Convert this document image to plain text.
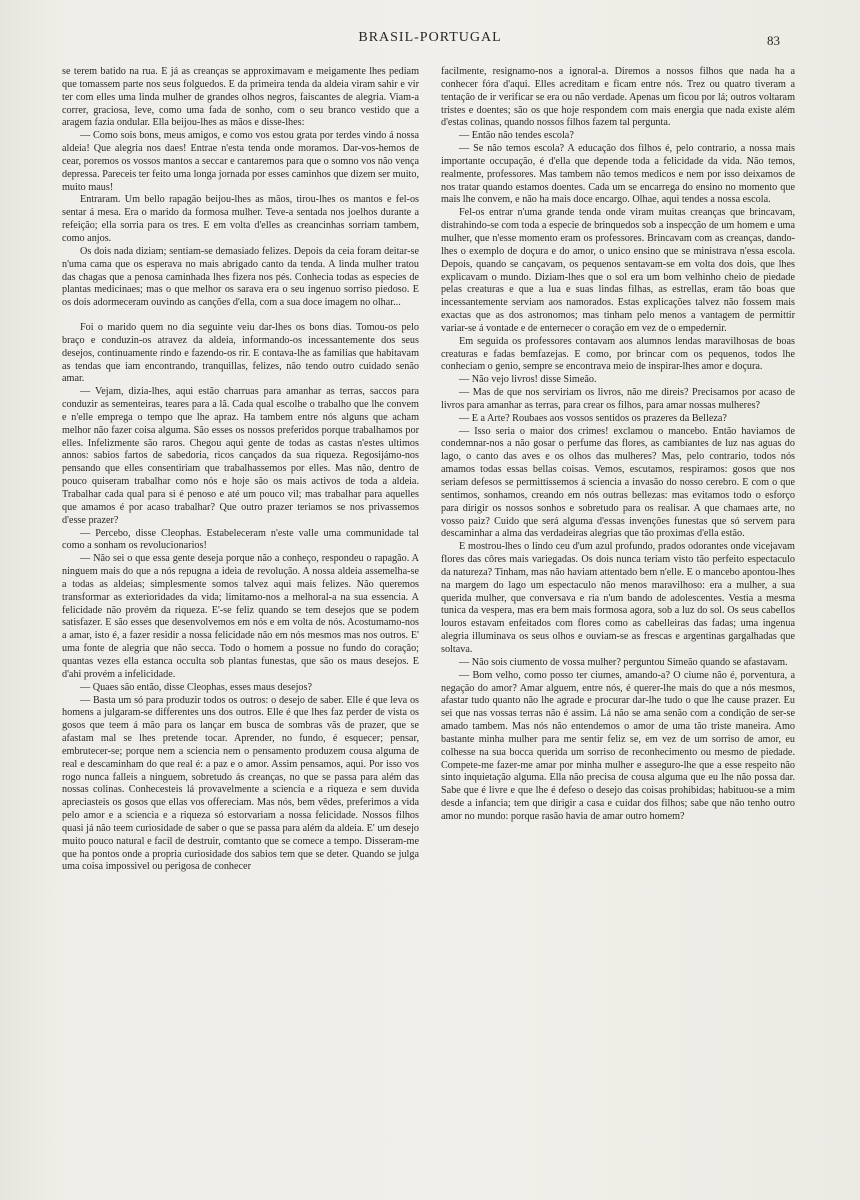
BRASIL-PORTUGAL	83

se terem batido na rua. E já as creanças se approximavam e meigamente lhes pediam que tomassem parte nos seus folguedos. E da primeira tenda da aldeia viram sahir e vir ter com elles uma linda mulher de grandes olhos negros, faiscantes de alegria. Viam-a correr, graciosa, leve, como uma fada de sonho, com o seu branco vestido que a aragem fazia ondular. Ella beijou-lhes as mãos e disse-lhes:

— Como sois bons, meus amigos, e como vos estou grata por terdes vindo á nossa aldeia! Que alegria nos daes! Entrae n'esta tenda onde moramos. Dar-vos-hemos de cear, poremos os vossos mantos a seccar e cantaremos para que o somno vos não vença depressa. Pareceis ter feito uma longa jornada por esses caminhos que dizem ser muito, muito maus!

Entraram. Um bello rapagão beijou-lhes as mãos, tirou-lhes os mantos e fel-os sentar á mesa. Era o marido da formosa mulher. Teve-a sentada nos joelhos durante a refeição; ella sorria para os tres. E em volta d'elles as creancinhas sorriam tambem, como anjos.

Os dois nada diziam; sentiam-se demasiado felizes. Depois da ceia foram deitar-se n'uma cama que os esperava no mais abrigado canto da tenda. A linda mulher tratou das chagas que a penosa caminhada lhes fizera nos pés. Conhecia todas as especies de plantas medicinaes; mas o que melhor os sarava era o seu ingenuo sorriso piedoso. E os dois adormeceram ouvindo as canções d'ella, com a sua doce imagem no olhar...

Foi o marido quem no dia seguinte veiu dar-lhes os bons dias. Tomou-os pelo braço e conduzin-os atravez da aldeia, informando-os incessantemente dos seus desejos, continuamente rindo e fazendo-os rir. E contava-lhe as familias que habitavam as tendas que iam encontrando, tranquillas, felizes, não tendo outro cuidado senão amar.

— Vejam, dizia-lhes, aqui estão charruas para amanhar as terras, saccos para conduzir as sementeiras, teares para a lã. Cada qual escolhe o trabalho que lhe convem e n'elle emprega o tempo que lhe apraz. Ha tambem entre nós alguns que acham melhor não fazer coisa alguma. São esses os nossos preferidos porque trabalhamos por elles. Infelizmente são raros. Chegou aqui gente de todas as castas n'estes ultimos annos: sabios fartos de sabedoria, ricos cançados da sua riqueza. Regosijámo-nos pensando que elles consentiriam que trabalhassemos por elles. Mas não, dentro de pouco quiseram trabalhar como nós e hoje são os mais activos de toda a aldeia. Trabalhar cada qual para si é penoso e até um pouco vil; mas trabalhar para aquelles que amamos é por acaso trabalhar? Que outro prazer teriamos se nos privassemos d'esse prazer?

— Percebo, disse Cleophas. Estabeleceram n'este valle uma communidade tal como a sonham os revolucionarios!

— Não sei o que essa gente deseja porque não a conheço, respondeu o rapagão. A ninguem mais do que a nós repugna a ideia de revolução. A nossa aldeia assemelha-se a todas as aldeias; simplesmente somos talvez aqui mais felizes. Não queremos transformar as exterioridades da vida; limitamo-nos a melhoral-a na sua essencia. A felicidade não provém da riqueza. E'-se feliz quando se tem desejos que se podem satisfazer. E são esses que desenvolvemos em nós e em volta de nós. Acostumamo-nos a amar, isto é, a fazer residir a nossa felicidade não em nós mesmos mas nos outros. E' uma fonte de alegria que não secca. Todo o homem a possue no fundo do coração; quantas vezes ella estanca occulta sob plantas funestas, que são os maus desejos. E d'ahi provém a infelicidade.

— Quaes são então, disse Cleophas, esses maus desejos?

— Basta um só para produzir todos os outros: o desejo de saber. Elle é que leva os homens a julgaram-se differentes uns dos outros. Elle é que lhes faz perder de vista os gosos que teem á mão para os lançar em busca de sombras vãs de prazer, que se afastam mal se lhes pretende tocar. Aprender, no fundo, é esquecer; pensar, embrutecer-se; porque nem a sciencia nem o pensamento produzem cousa alguma de real e descaminham do que real é: a paz e o amor. Assim pensamos, aqui. Por isso vos rogo nunca falleis a ninguem, sobretudo ás creanças, no que se passa para além das nossas colinas. Conhecesteis lá provavelmente a sciencia e a riqueza e sem duvida apreciasteis os gosos que ellas vos offereciam. Mas nós, bem vêdes, preferimos a vida pelo amor e a sciencia e a riqueza só estorvariam a nossa felicidade. Nossos filhos quasi já não teem curiosidade de saber o que se passa para além da aldeia. E' um desejo muito pouco natural e facil de destruir, comtanto que se comece a tempo. Disseram-me que ha pontos onde a propria curiosidade dos sabios tem que se deter. Quando se julga uma coisa impossivel ou perigosa de conhecer

facilmente, resignamo-nos a ignoral-a. Diremos a nossos filhos que nada ha a conhecer fóra d'aqui. Elles acreditam e ficam entre nós. Trez ou quatro tiveram a tentação de ir verificar se era ou não verdade. Apenas um ficou por lá; outros voltaram tristes e doentes; são os que hoje respondem com mais energia que nada existe além d'estas colinas, quando nossos filhos fazem tal pergunta.

— Então não tendes escola?

— Se não temos escola? A educação dos filhos é, pelo contrario, a nossa mais importante occupação, é d'ella que depende toda a felicidade da vida. Não temos, realmente, professores. Mas tambem não temos medicos e nem por isso deixamos de nos tratar quando estamos doentes. Cada um se encarrega do ensino no momento que mais lhe convem, e não ha mais doce encargo. Olhae, aqui tendes a nossa escola.

Fel-os entrar n'uma grande tenda onde viram muitas creanças que brincavam, distrahindo-se com toda a especie de brinquedos sob a inspecção de um homem e uma mulher, que n'esse momento eram os professores. Brincavam com as creanças, dando-lhes o exemplo de doçura e do amor, o unico ensino que se ministrava n'essa escola. Depois, quando se cançavam, os pequenos sentavam-se em volta dos dois, que lhes explicavam o mundo. Diziam-lhes que o sol era um bom velhinho cheio de piedade pelas creaturas e que a lua e suas lindas filhas, as estrellas, eram tão boas que incessantemente serviam aos namorados. Estas explicações talvez não fossem mais exactas que as dos astronomos; mas tinham pelo menos a vantagem de permittir variar-se á vontade e de enternecer o coração em vez de o empedernir.

Em seguida os professores contavam aos alumnos lendas maravilhosas de boas creaturas e fadas bemfazejas. E como, por brincar com os pequenos, todos lhe conheciam o genio, sempre se encontrava meio de inspirar-lhes amor e doçura.

— Não vejo livros! disse Simeão.

— Mas de que nos serviriam os livros, não me direis? Precisamos por acaso de livros para amanhar as terras, para crear os filhos, para amar nossas mulheres?

— E a Arte? Roubaes aos vossos sentidos os prazeres da Belleza?

— Isso seria o maior dos crimes! exclamou o mancebo. Então haviamos de condemnar-nos a não gosar o perfume das flores, as cambiantes de luz nas aguas do lago, o canto das aves e os olhos das mulheres? Mas, pelo contrario, todos nós amamos todas essas bellas coisas. Vemos, escutamos, respiramos: gosos que nos seriam defesos se permittissemos á sciencia a invasão do nosso cerebro. E com o que sentimos, sonhamos, creando em nós outras bellezas: mas evitamos todo o esforço para dirigir os nossos sonhos e sobretudo para os realisar. A que chamaes arte, no vosso paiz? Cuido que será alguma d'essas invenções funestas que só servem para descaminhar a alma das verdadeiras alegrias que tão proximas d'ella estão.

E mostrou-lhes o lindo ceu d'um azul profundo, prados odorantes onde vicejavam flores das côres mais variegadas. Os dois nunca teriam visto tão perfeito espectaculo da natureza? Tinham, mas não haviam attentado bem n'elle. E o mancebo apontou-lhes na margem do lago um espectaculo não menos maravilhoso: era a mulher, a sua querida mulher, que conversava e ria n'um bando de adolescentes. Vestia a mesma tunica da vespera, mas era bem mais formosa agora, sob a luz do sol. Os seus cabellos louros estavam enfeitados com flores como as cabelleiras das fadas; uma ingenua alegria illuminava os seus olhos e ouviam-se as frescas e argentinas gargalhadas que soltava.

— Não sois ciumento de vossa mulher? perguntou Simeão quando se afastavam.

— Bom velho, como posso ter ciumes, amando-a? O ciume não é, porventura, a negação do amor? Amar alguem, entre nós, é querer-lhe mais do que a nós mesmos, afastar tudo quanto não lhe agrade e procurar dar-lhe tudo o que lhe cause prazer. Eu sei que nas vossas terras não é assim. Lá não se ama senão com a condição de ser-se amado tambem. Mas nós não entendemos o amor de uma tão triste maneira. Amo bastante minha mulher para me sentir feliz se, em vez de um sorriso de amor, eu colhesse na sua bocca querida um sorriso de reconhecimento ou mesmo de piedade. Compete-me fazer-me amar por minha mulher e asseguro-lhe que a esse respeito não sinto inquietação alguma. Ella não precisa de cousa alguma que eu lhe não possa dar. Sabe que é livre e que lhe é defeso o desejo das coisas prohibidas; habituou-se a mim desde a infancia; tem que dirigir a casa e cuidar dos filhos; sabe que não tenho outro amor no mundo: porque rasão havia de amar outro homem?
